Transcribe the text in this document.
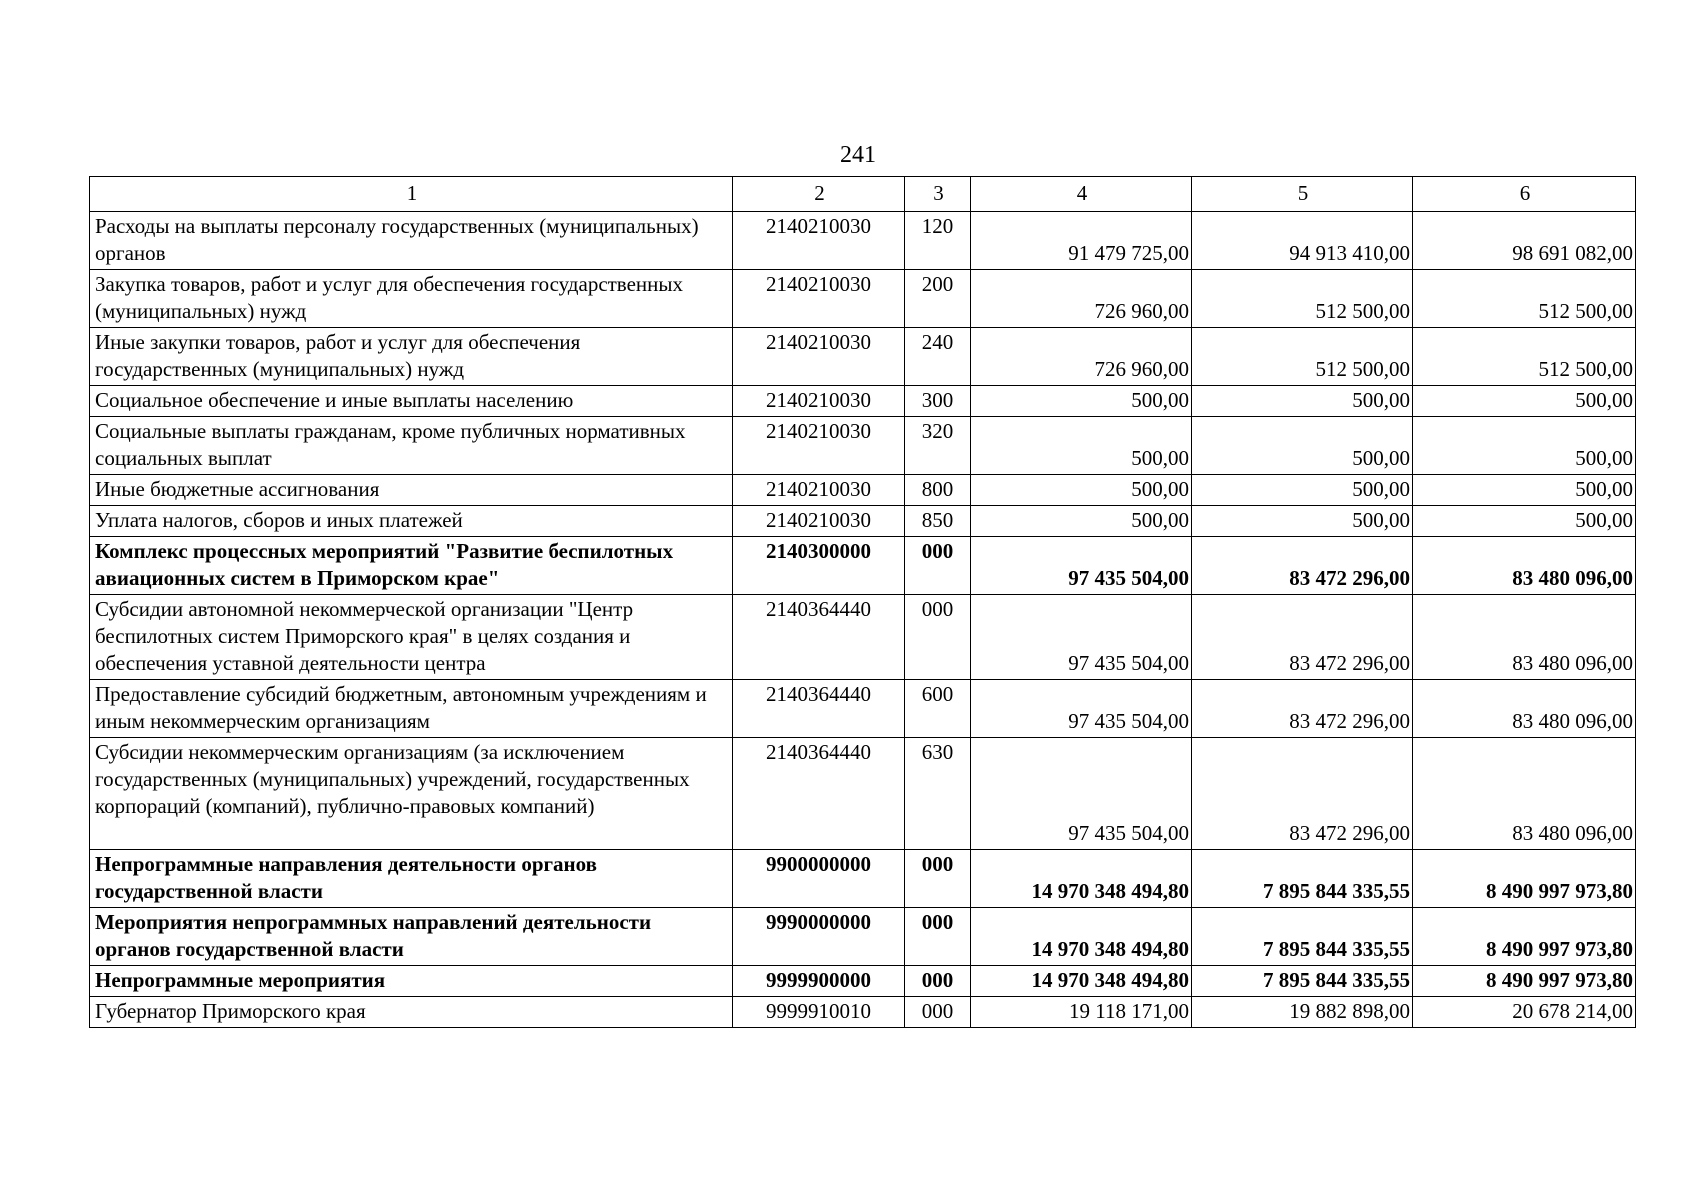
241
1	2	3	4	5	6
Расходы на выплаты персоналу государственных (муниципальных) органов	2140210030	120	91 479 725,00	94 913 410,00	98 691 082,00
Закупка товаров, работ и услуг для обеспечения государственных (муниципальных) нужд	2140210030	200	726 960,00	512 500,00	512 500,00
Иные закупки товаров, работ и услуг для обеспечения государственных (муниципальных) нужд	2140210030	240	726 960,00	512 500,00	512 500,00
Социальное обеспечение и иные выплаты населению	2140210030	300	500,00	500,00	500,00
Социальные выплаты гражданам, кроме публичных нормативных социальных выплат	2140210030	320	500,00	500,00	500,00
Иные бюджетные ассигнования	2140210030	800	500,00	500,00	500,00
Уплата налогов, сборов и иных платежей	2140210030	850	500,00	500,00	500,00
Комплекс процессных мероприятий "Развитие беспилотных авиационных систем в Приморском крае"	2140300000	000	97 435 504,00	83 472 296,00	83 480 096,00
Субсидии автономной некоммерческой организации "Центр беспилотных систем Приморского края" в целях создания и обеспечения уставной деятельности центра	2140364440	000	97 435 504,00	83 472 296,00	83 480 096,00
Предоставление субсидий бюджетным, автономным учреждениям и иным некоммерческим организациям	2140364440	600	97 435 504,00	83 472 296,00	83 480 096,00
Субсидии некоммерческим организациям (за исключением государственных (муниципальных) учреждений, государственных корпораций (компаний), публично-правовых компаний)	2140364440	630	97 435 504,00	83 472 296,00	83 480 096,00
Непрограммные направления деятельности органов государственной власти	9900000000	000	14 970 348 494,80	7 895 844 335,55	8 490 997 973,80
Мероприятия непрограммных направлений деятельности органов государственной власти	9990000000	000	14 970 348 494,80	7 895 844 335,55	8 490 997 973,80
Непрограммные мероприятия	9999900000	000	14 970 348 494,80	7 895 844 335,55	8 490 997 973,80
Губернатор Приморского края	9999910010	000	19 118 171,00	19 882 898,00	20 678 214,00
